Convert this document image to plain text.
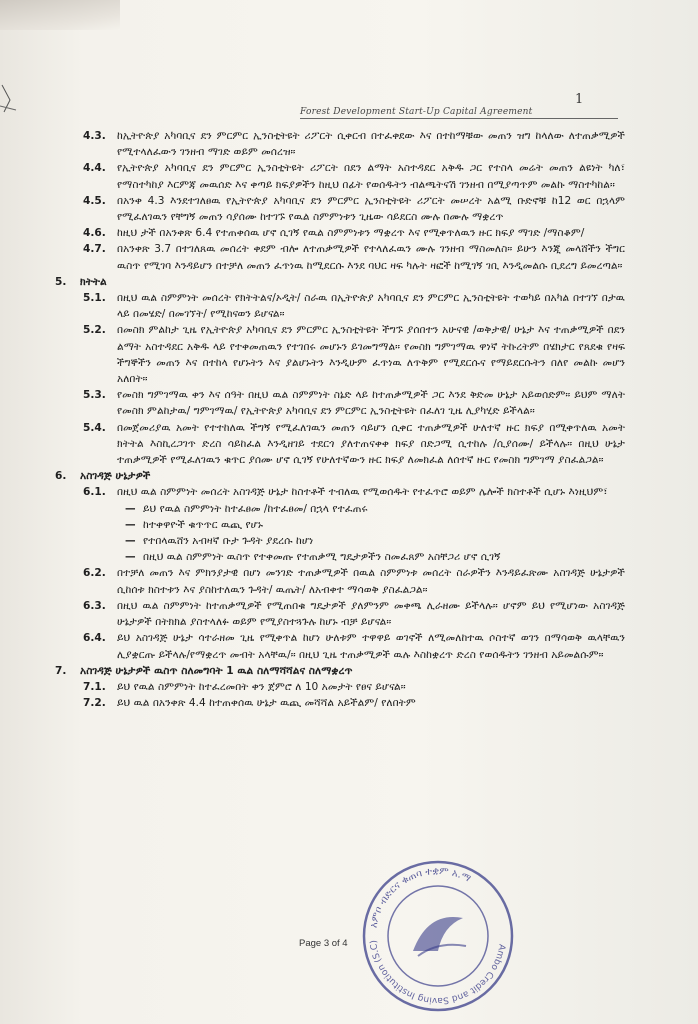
1
Forest Development Start-Up Capital Agreement
4.3.	ከኢትዮጵያ አካባቢና ደን ምርምር ኢንስቲትዩት ሪፖርት ሲቀርብ በተፈቀደው እና በተከማቹው መጠን ዝግ ከላለው ለተጠቃሚዎች የሚተላለፈውን ገንዘብ ማገድ ወይም መሰረዝ።
4.4.	የኢትዮጵያ አካባቢና ደን ምርምር ኢንስቲትዩት ሪፖርት በደን ልማት አስተዳደር አቅዱ ጋር የተስላ መሬት መጠን ልዩነት ካለ፣ የማስተካከያ እርምጃ መዉሰድ እና ቀጣይ ክፍያዎችን ከዚህ በፊት የወሰዱትን ብልጫትናሽ ገንዘብ በሚያጣጥም መልኩ ማስተካከል።
4.5.	በአንቀ 4.3 እንደተገለፀዉ የኢትዮጵያ አካባቢና ደን ምርምር ኢንስቲትዩት ሪፖርት መሠረት አልሚ ቡድኖቹ ከ12 ወር በኋላም የሚፈለገዉን የቸግኝ መጠን ሳያሰሙ ከተገኙ የዉል ስምምነቱን ጊዜው ሳይደርስ ሙሉ በሙሉ ማቋረጥ
4.6.	ከዚህ ታች በአንቀጽ 6.4 የተጠቀሰዉ ሆኖ ሲገኝ የዉል ስምምነቱን ማቋረጥ እና የሚቀጥለዉን ዙር ክፍያ ማገድ /ማስቆም/
4.7.	በአንቀጽ 3.7 በተገለጸዉ መሰረት ቀደም ብሎ ለተጠቃሚዎች የተላለፈዉን ሙሉ ገንዘብ ማስመለስ። ይሁን እንጂ መላሸችን ችግር ዉስጥ የሚገባ እንዳይሆን በተቻለ መጠን ፈጥነዉ ከሚደርሱ እንደ ባህር ዛፍ ካሉት ዛፎች ከሚገኝ ገቢ እንዲመልሱ ቢደረግ ይመረጣል።
5.	ክትትል
5.1.	በዚህ ዉል ስምምነት መሰረት የክትትልና/ኦዲት/ ስራዉ በኢትዮጵያ አካባቢና ደን ምርምር ኢንስቲትዩት ተወካይ በአካል በተገኘ በታዉ ላይ በመሄድ/ በመገኘት/ የሚከናወን ይሆናል።
5.2.	በመስክ ምልከታ ጊዜ የኢትዮጵያ አካባቢና ደን ምርምር ኢንስቲትዩት ችግኙ ያሰበተን አሁናዊ /ወቅታዊ/ ሁኔታ እና ተጠቃሚዎች በደን ልማት አስተዳደር አቅዱ ላይ የተቀመጠዉን የተገበሩ መሆኑን ይገመግማል። የመስክ ግምገማዉ ዋነኛ ትኩረትም በሄክታር የጸደቁ የዛፍ ችግኞችን መጠን እና በተከላ የሆኑትን እና ያልሆኑትን እንዲሁም ፈጥነዉ ለጥቅም የሚደርሱና የማይደርሱትን በለየ መልኩ መሆን አለበት።
5.3.	የመስክ ግምገማዉ ቀን እና ሰዓት በዚህ ዉል ስምምነት ስኔድ ላይ ከተጠቃሚዎች ጋር እንደ ቅድመ ሁኔታ አይወሰድም። ይህም ማለት የመስክ ምልከታዉ/ ግምገማዉ/ የኢትዮጵያ አካባቢና ደን ምርምር ኢንስቲትዩት በፈለገ ጊዜ ሊያካሂድ ይችላል።
5.4.	በመጀመሪያዉ አመት የተተከለዉ ችግኝ የሚፈለገዉን መጠን ሳይሆን ሲቀር ተጠቃሚዎች ሁለተኛ ዙር ክፍያ በሚቀጥለዉ አመት ክትትል እስኪረጋገጥ ድረስ ሳይከፈል እንዲዘገይ ተደርጎ ያለተጠናቀቀ ክፍያ በድጋሚ ሲተከሉ /ሲያሰሙ/ ይችላሉ። በዚህ ሁኔታ ተጠቃሚዎች የሚፈለገዉን ቁጥር ያሰሙ ሆኖ ሲገኝ የሁለተኛውን ዙር ክፍያ ለመክፈል ለሰተኛ ዙር የመስክ ግምገማ ያስፈልጋል።
6.	አስገዳጅ ሁኔታዎች
6.1.	በዚህ ዉል ስምምነት መሰረት አስገዳጅ ሁኔታ ከስተቶች ተብለዉ የሚወሰዱት የተፈጥሮ ወይም ሌሎች ክስተቶች ሲሆኑ እነዚህም፣
— ይህ የዉል ስምምነት ከተፈፀመ /ከተፈፀመ/ በኋላ የተፈጠሩ
— ከተቀዋዮች ቁጥጥር ዉጪ የሆኑ
— የተበላዉሸን አብዛኛ ቡታ ጉዳት ያደረሱ ከሆነ
— በዚህ ዉል ስምምነት ዉስጥ የተቀመጡ የተጠቃሚ ግዴታዎችን ስመፈጸም አስቸጋሪ ሆኖ ሲገኝ
6.2.	በተቻለ መጠን እና ምክንያታዊ በሆነ መንገድ ተጠቃሚዎች በዉል ስምምነቱ መሰረት ስራዎችን እንዳይፈጽሙ አስገዳጅ ሁኔታዎች ሲከሰቱ ክስተቱን እና ያስከተለዉን ጉዳት/ ዉጤት/ ለአብቀተ ማሳወቅ ያስፈልጋል።
6.3.	በዚህ ዉል ስምምነት ከተጠቃሚዎች የሚጠበቁ ግዴታዎች ያለምንም መቀጫ ሊራዘሙ ይችላሉ። ሆኖም ይህ የሚሆነው አስገዳጅ ሁኔታዎች በትክክል ያስተላለፉ ወይም የሚያስተጓጉሉ ከሆኑ ብቻ ይሆናል።
6.4.	ይህ አስገዳጅ ሁኔታ ሳተራዘመ ጊዜ የሚቀጥል ከሆነ ሁለቱም ተዋዋይ ወገኖች ለሚመለከተዉ ሶስተኛ ወገን በማሳወቅ ዉላቸዉን ሊያቋርጡ ይችላሉ/የማቋረጥ መብት አላቸዉ/። በዚህ ጊዜ ተጠቃሚዎች ዉሉ እስከቋረጥ ድረስ የወሰዱትን ገንዘብ አይመልሱም።
7.	አስገዳጅ ሁኔታዎች ዉስጥ ስለመግባት 1 ዉል ስለማሻሻልና ስለማቋረጥ
7.1.	ይህ የዉል ስምምነት ከተፈረመበት ቀን ጀምሮ ለ 10 አመታት የፀና ይሆናል።
7.2.	ይህ ዉል በአንቀጽ 4.4 ከተጠቀሰዉ ሁኔታ ዉጪ መሻሻል አይችልም/ የለበትም
Page 3 of 4
አምቦ ብድርና ቁጠባ ተቋም አ.ማ
Ambo Credit and Saving Institution (S.C)
